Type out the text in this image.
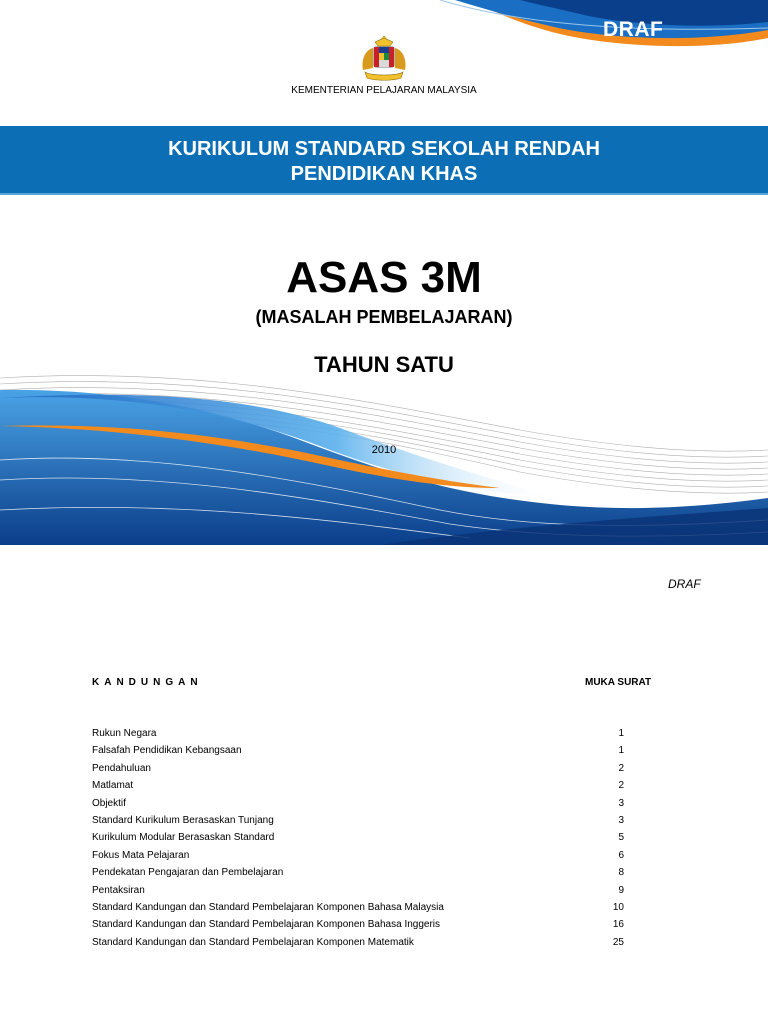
DRAF
KEMENTERIAN PELAJARAN MALAYSIA
KURIKULUM STANDARD SEKOLAH RENDAH
PENDIDIKAN KHAS
ASAS 3M
(MASALAH PEMBELAJARAN)
TAHUN SATU
2010
DRAF
KANDUNGAN	MUKA SURAT
Rukun Negara	1
Falsafah Pendidikan Kebangsaan	1
Pendahuluan	2
Matlamat	2
Objektif	3
Standard Kurikulum Berasaskan Tunjang	3
Kurikulum Modular Berasaskan Standard	5
Fokus Mata Pelajaran	6
Pendekatan Pengajaran dan Pembelajaran	8
Pentaksiran	9
Standard Kandungan dan Standard Pembelajaran Komponen Bahasa Malaysia	10
Standard Kandungan dan Standard Pembelajaran Komponen Bahasa Inggeris	16
Standard Kandungan dan Standard Pembelajaran Komponen Matematik	25
